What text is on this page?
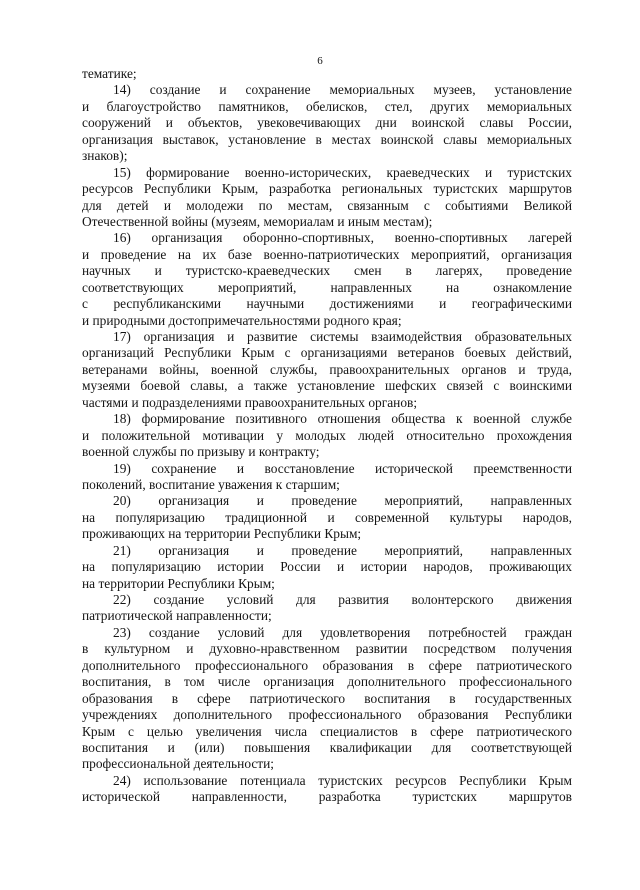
6
тематике;
14) создание и сохранение мемориальных музеев, установление
и благоустройство памятников, обелисков, стел, других мемориальных
сооружений и объектов, увековечивающих дни воинской славы России,
организация выставок, установление в местах воинской славы мемориальных
знаков);
15) формирование военно-исторических, краеведческих и туристских
ресурсов Республики Крым, разработка региональных туристских маршрутов
для детей и молодежи по местам, связанным с событиями Великой
Отечественной войны (музеям, мемориалам и иным местам);
16) организация оборонно-спортивных, военно-спортивных лагерей
и проведение на их базе военно-патриотических мероприятий, организация
научных и туристско-краеведческих смен в лагерях, проведение
соответствующих мероприятий, направленных на ознакомление
с республиканскими научными достижениями и географическими
и природными достопримечательностями родного края;
17) организация и развитие системы взаимодействия образовательных
организаций Республики Крым с организациями ветеранов боевых действий,
ветеранами войны, военной службы, правоохранительных органов и труда,
музеями боевой славы, а также установление шефских связей с воинскими
частями и подразделениями правоохранительных органов;
18) формирование позитивного отношения общества к военной службе
и положительной мотивации у молодых людей относительно прохождения
военной службы по призыву и контракту;
19) сохранение и восстановление исторической преемственности
поколений, воспитание уважения к старшим;
20) организация и проведение мероприятий, направленных
на популяризацию традиционной и современной культуры народов,
проживающих на территории Республики Крым;
21) организация и проведение мероприятий, направленных
на популяризацию истории России и истории народов, проживающих
на территории Республики Крым;
22) создание условий для развития волонтерского движения
патриотической направленности;
23) создание условий для удовлетворения потребностей граждан
в культурном и духовно-нравственном развитии посредством получения
дополнительного профессионального образования в сфере патриотического
воспитания, в том числе организация дополнительного профессионального
образования в сфере патриотического воспитания в государственных
учреждениях дополнительного профессионального образования Республики
Крым с целью увеличения числа специалистов в сфере патриотического
воспитания и (или) повышения квалификации для соответствующей
профессиональной деятельности;
24) использование потенциала туристских ресурсов Республики Крым
исторической направленности, разработка туристских маршрутов
